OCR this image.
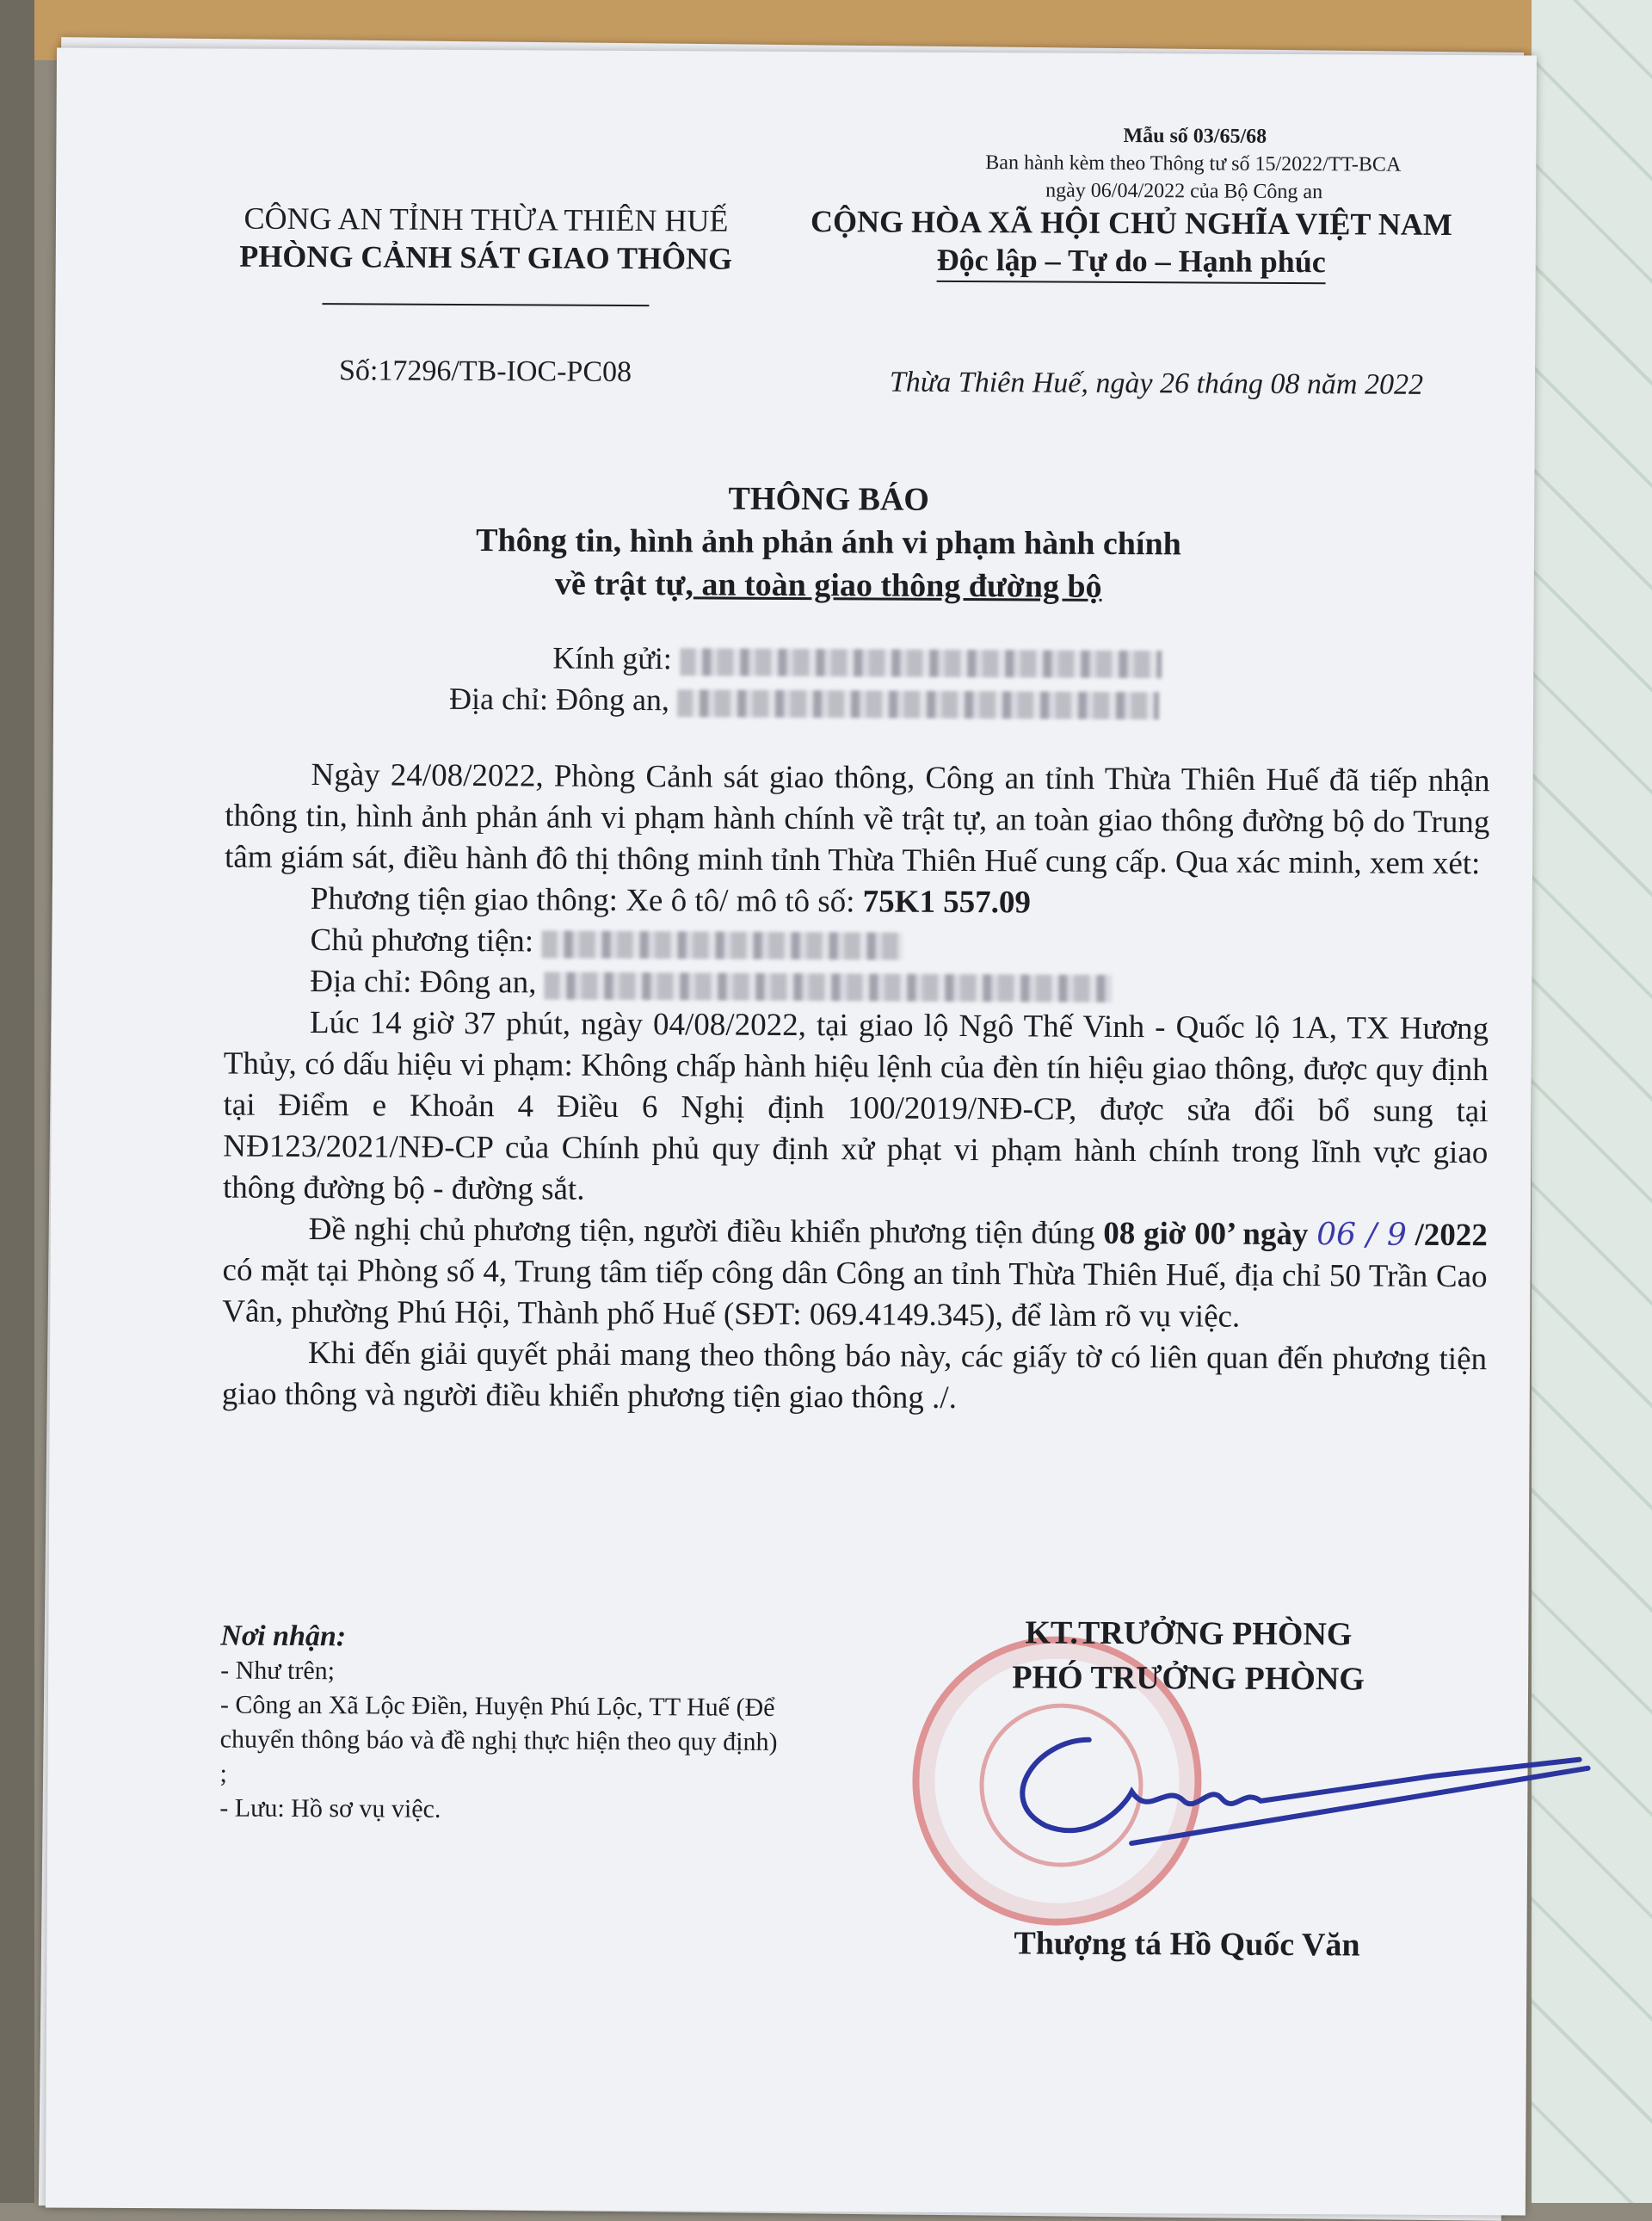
Mẫu số 03/65/68
Ban hành kèm theo Thông tư số 15/2022/TT-BCA
ngày 06/04/2022 của Bộ Công an
CÔNG AN TỈNH THỪA THIÊN HUẾ
PHÒNG CẢNH SÁT GIAO THÔNG
CỘNG HÒA XÃ HỘI CHỦ NGHĨA VIỆT NAM
Độc lập – Tự do – Hạnh phúc
Số:17296/TB-IOC-PC08	Thừa Thiên Huế, ngày 26 tháng 08 năm 2022
THÔNG BÁO
Thông tin, hình ảnh phản ánh vi phạm hành chính
về trật tự, an toàn giao thông đường bộ
Kính gửi:
Địa chỉ: Đông an,

Ngày 24/08/2022, Phòng Cảnh sát giao thông, Công an tỉnh Thừa Thiên Huế đã tiếp nhận thông tin, hình ảnh phản ánh vi phạm hành chính về trật tự, an toàn giao thông đường bộ do Trung tâm giám sát, điều hành đô thị thông minh tỉnh Thừa Thiên Huế cung cấp. Qua xác minh, xem xét:

Phương tiện giao thông: Xe ô tô/ mô tô số: 75K1 557.09

Chủ phương tiện:

Địa chỉ: Đông an,

Lúc 14 giờ 37 phút, ngày 04/08/2022, tại giao lộ Ngô Thế Vinh - Quốc lộ 1A, TX Hương Thủy, có dấu hiệu vi phạm: Không chấp hành hiệu lệnh của đèn tín hiệu giao thông, được quy định tại Điểm e Khoản 4 Điều 6 Nghị định 100/2019/NĐ-CP, được sửa đổi bổ sung tại NĐ123/2021/NĐ-CP của Chính phủ quy định xử phạt vi phạm hành chính trong lĩnh vực giao thông đường bộ - đường sắt.

Đề nghị chủ phương tiện, người điều khiển phương tiện đúng 08 giờ 00’ ngày 06 / 9 /2022 có mặt tại Phòng số 4, Trung tâm tiếp công dân Công an tỉnh Thừa Thiên Huế, địa chỉ 50 Trần Cao Vân, phường Phú Hội, Thành phố Huế (SĐT: 069.4149.345), để làm rõ vụ việc.

Khi đến giải quyết phải mang theo thông báo này, các giấy tờ có liên quan đến phương tiện giao thông và người điều khiển phương tiện giao thông ./.

Nơi nhận:
- Như trên;
- Công an Xã Lộc Điền, Huyện Phú Lộc, TT Huế (Để chuyển thông báo và đề nghị thực hiện theo quy định) ;
- Lưu: Hồ sơ vụ việc.
KT.TRƯỞNG PHÒNG
PHÓ TRƯỞNG PHÒNG
Thượng tá Hồ Quốc Văn
